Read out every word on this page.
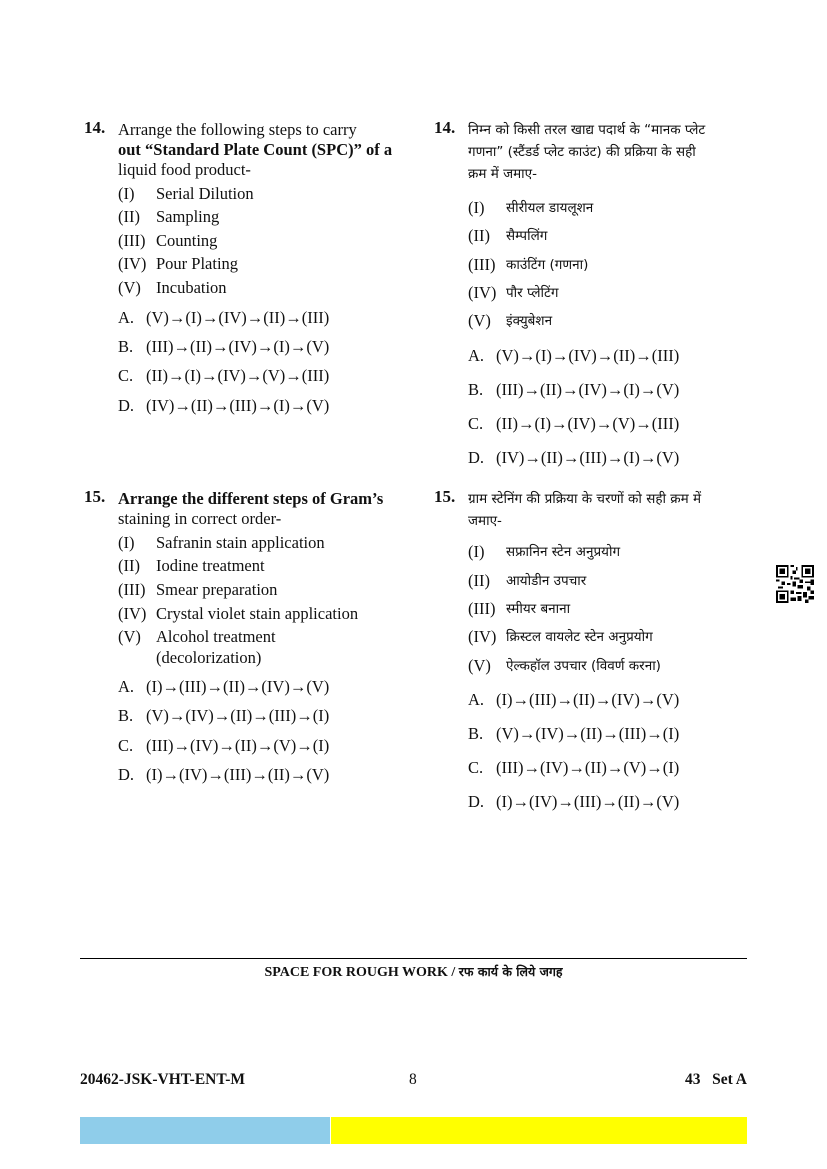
14. Arrange the following steps to carry
out “Standard Plate Count (SPC)” of a
liquid food product-
(I) Serial Dilution
(II) Sampling
(III) Counting
(IV) Pour Plating
(V) Incubation
A. (V)→(I)→(IV)→(II)→(III)
B. (III)→(II)→(IV)→(I)→(V)
C. (II)→(I)→(IV)→(V)→(III)
D. (IV)→(II)→(III)→(I)→(V)
14. निम्न को किसी तरल खाद्य पदार्थ के “मानक प्लेट
गणना” (स्टैंडर्ड प्लेट काउंट) की प्रक्रिया के सही
क्रम में जमाए-
(I) सीरीयल डायलूशन
(II) सैम्पलिंग
(III) काउंटिंग (गणना)
(IV) पौर प्लेटिंग
(V) इंक्युबेशन
A. (V)→(I)→(IV)→(II)→(III)
B. (III)→(II)→(IV)→(I)→(V)
C. (II)→(I)→(IV)→(V)→(III)
D. (IV)→(II)→(III)→(I)→(V)
15. Arrange the different steps of Gram’s
staining in correct order-
(I) Safranin stain application
(II) Iodine treatment
(III) Smear preparation
(IV) Crystal violet stain application
(V) Alcohol treatment
(decolorization)
A. (I)→(III)→(II)→(IV)→(V)
B. (V)→(IV)→(II)→(III)→(I)
C. (III)→(IV)→(II)→(V)→(I)
D. (I)→(IV)→(III)→(II)→(V)
15. ग्राम स्टेनिंग की प्रक्रिया के चरणों को सही क्रम में
जमाए-
(I) सफ्रानिन स्टेन अनुप्रयोग
(II) आयोडीन उपचार
(III) स्मीयर बनाना
(IV) क्रिस्टल वायलेट स्टेन अनुप्रयोग
(V) ऐल्कहॉल उपचार (विवर्ण करना)
A. (I)→(III)→(II)→(IV)→(V)
B. (V)→(IV)→(II)→(III)→(I)
C. (III)→(IV)→(II)→(V)→(I)
D. (I)→(IV)→(III)→(II)→(V)
SPACE FOR ROUGH WORK / रफ कार्य के लिये जगह
20462-JSK-VHT-ENT-M	8	43   Set A
